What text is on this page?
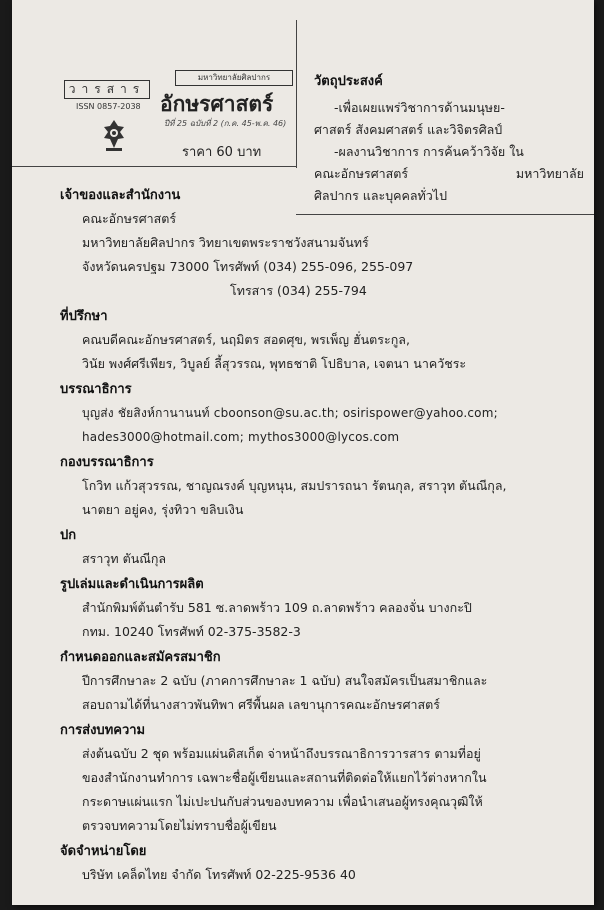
วารสาร
มหาวิทยาลัยศิลปากร
ISSN 0857-2038 อักษรศาสตร์
ปีที่ 25 ฉบับที่ 2 (ก.ค. 45-พ.ค. 46)
ราคา 60 บาท
วัตถุประสงค์
-เพื่อเผยแพร่วิชาการด้านมนุษย-
ศาสตร์ สังคมศาสตร์ และวิจิตรศิลป์
-ผลงานวิชาการ การค้นคว้าวิจัย ใน
คณะอักษรศาสตร์ มหาวิทยาลัย
ศิลปากร และบุคคลทั่วไป
เจ้าของและสำนักงาน
คณะอักษรศาสตร์
มหาวิทยาลัยศิลปากร วิทยาเขตพระราชวังสนามจันทร์
จังหวัดนครปฐม 73000 โทรศัพท์ (034) 255-096, 255-097
โทรสาร (034) 255-794
ที่ปรึกษา
คณบดีคณะอักษรศาสตร์, นฤมิตร สอดศุข, พรเพ็ญ ฮั่นตระกูล,
วินัย พงศ์ศรีเพียร, วิบูลย์ ลี้สุวรรณ, พุทธชาติ โปธิบาล, เจตนา นาควัชระ
บรรณาธิการ
บุญส่ง ชัยสิงห์กานานนท์ cboonson@su.ac.th; osirispower@yahoo.com;
hades3000@hotmail.com; mythos3000@lycos.com
กองบรรณาธิการ
โกวิท แก้วสุวรรณ, ชาญณรงค์ บุญหนุน, สมปรารถนา รัตนกุล, สราวุท ตันณีกุล,
นาตยา อยู่คง, รุ่งทิวา ขลิบเงิน
ปก
สราวุท ตันณีกุล
รูปเล่มและดำเนินการผลิต
สำนักพิมพ์ต้นตำรับ 581 ซ.ลาดพร้าว 109 ถ.ลาดพร้าว คลองจั่น บางกะปิ
กทม. 10240 โทรศัพท์ 02-375-3582-3
กำหนดออกและสมัครสมาชิก
ปีการศึกษาละ 2 ฉบับ (ภาคการศึกษาละ 1 ฉบับ) สนใจสมัครเป็นสมาชิกและ
สอบถามได้ที่นางสาวพันทิพา ศรีพื้นผล เลขานุการคณะอักษรศาสตร์
การส่งบทความ
ส่งต้นฉบับ 2 ชุด พร้อมแผ่นดิสเก็ต จ่าหน้าถึงบรรณาธิการวารสาร ตามที่อยู่
ของสำนักงานทำการ เฉพาะชื่อผู้เขียนและสถานที่ติดต่อให้แยกไว้ต่างหากใน
กระดาษแผ่นแรก ไม่เปะปนกับส่วนของบทความ เพื่อนำเสนอผู้ทรงคุณวุฒิให้
ตรวจบทความโดยไม่ทราบชื่อผู้เขียน
จัดจำหน่ายโดย
บริษัท เคล็ดไทย จำกัด โทรศัพท์ 02-225-9536 40
